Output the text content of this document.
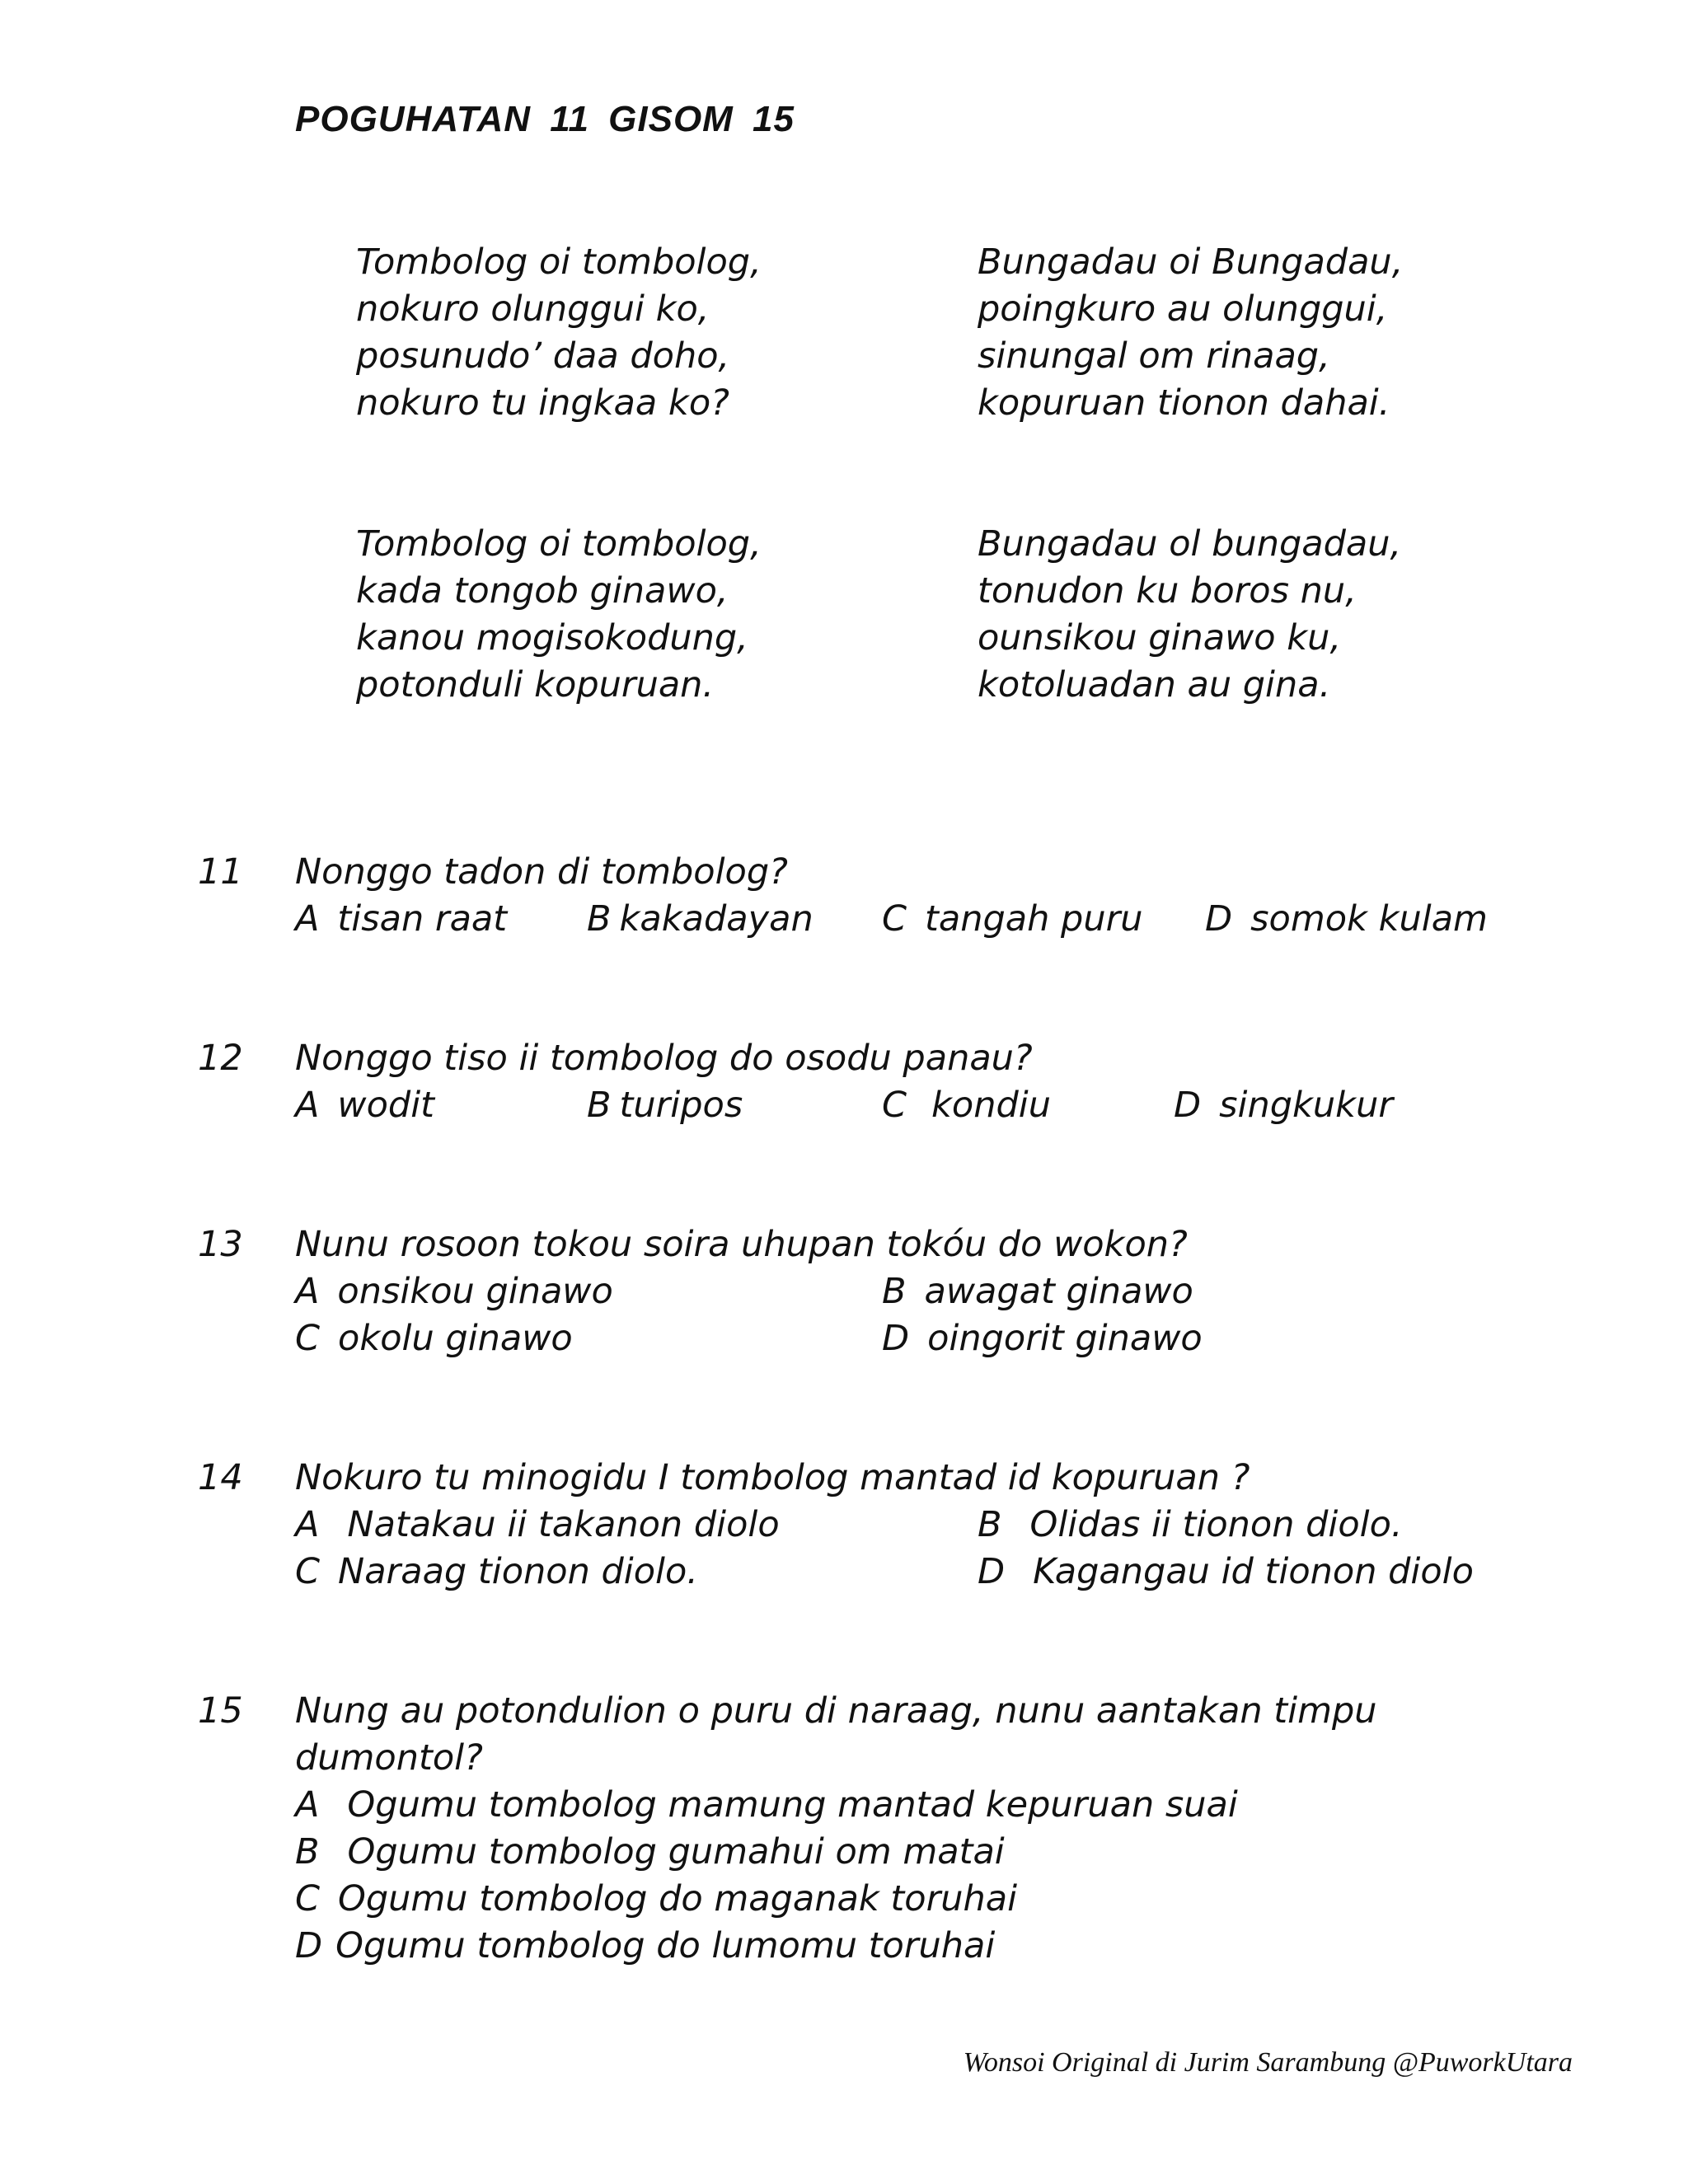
POGUHATAN 11 GISOM 15
Tombolog oi tombolog,
nokuro olunggui ko,
posunudo’ daa doho,
nokuro tu ingkaa ko?
Bungadau oi Bungadau,
poingkuro au olunggui,
sinungal om rinaag,
kopuruan tionon dahai.
Tombolog oi tombolog,
kada tongob ginawo,
kanou mogisokodung,
potonduli kopuruan.
Bungadau ol bungadau,
tonudon ku boros nu,
ounsikou ginawo ku,
kotoluadan au gina.
11 Nonggo tadon di tombolog?
A tisan raat B kakadayan C tangah puru D somok kulam
12 Nonggo tiso ii tombolog do osodu panau?
A wodit	B turipos	C kondiu	D singkukur
13 Nunu rosoon tokou soira uhupan tokóu do wokon?
A onsikou ginawo	B awagat ginawo
C okolu ginawo	D oingorit ginawo
14 Nokuro tu minogidu I tombolog mantad id kopuruan ?
A Natakau ii takanon diolo	B Olidas ii tionon diolo.
C Naraag tionon diolo.	D Kagangau id tionon diolo
15 Nung au potondulion o puru di naraag, nunu aantakan timpu
dumontol?
A Ogumu tombolog mamung mantad kepuruan suai
B Ogumu tombolog gumahui om matai
C Ogumu tombolog do maganak toruhai
D Ogumu tombolog do lumomu toruhai
Wonsoi Original di Jurim Sarambung @PuworkUtara
